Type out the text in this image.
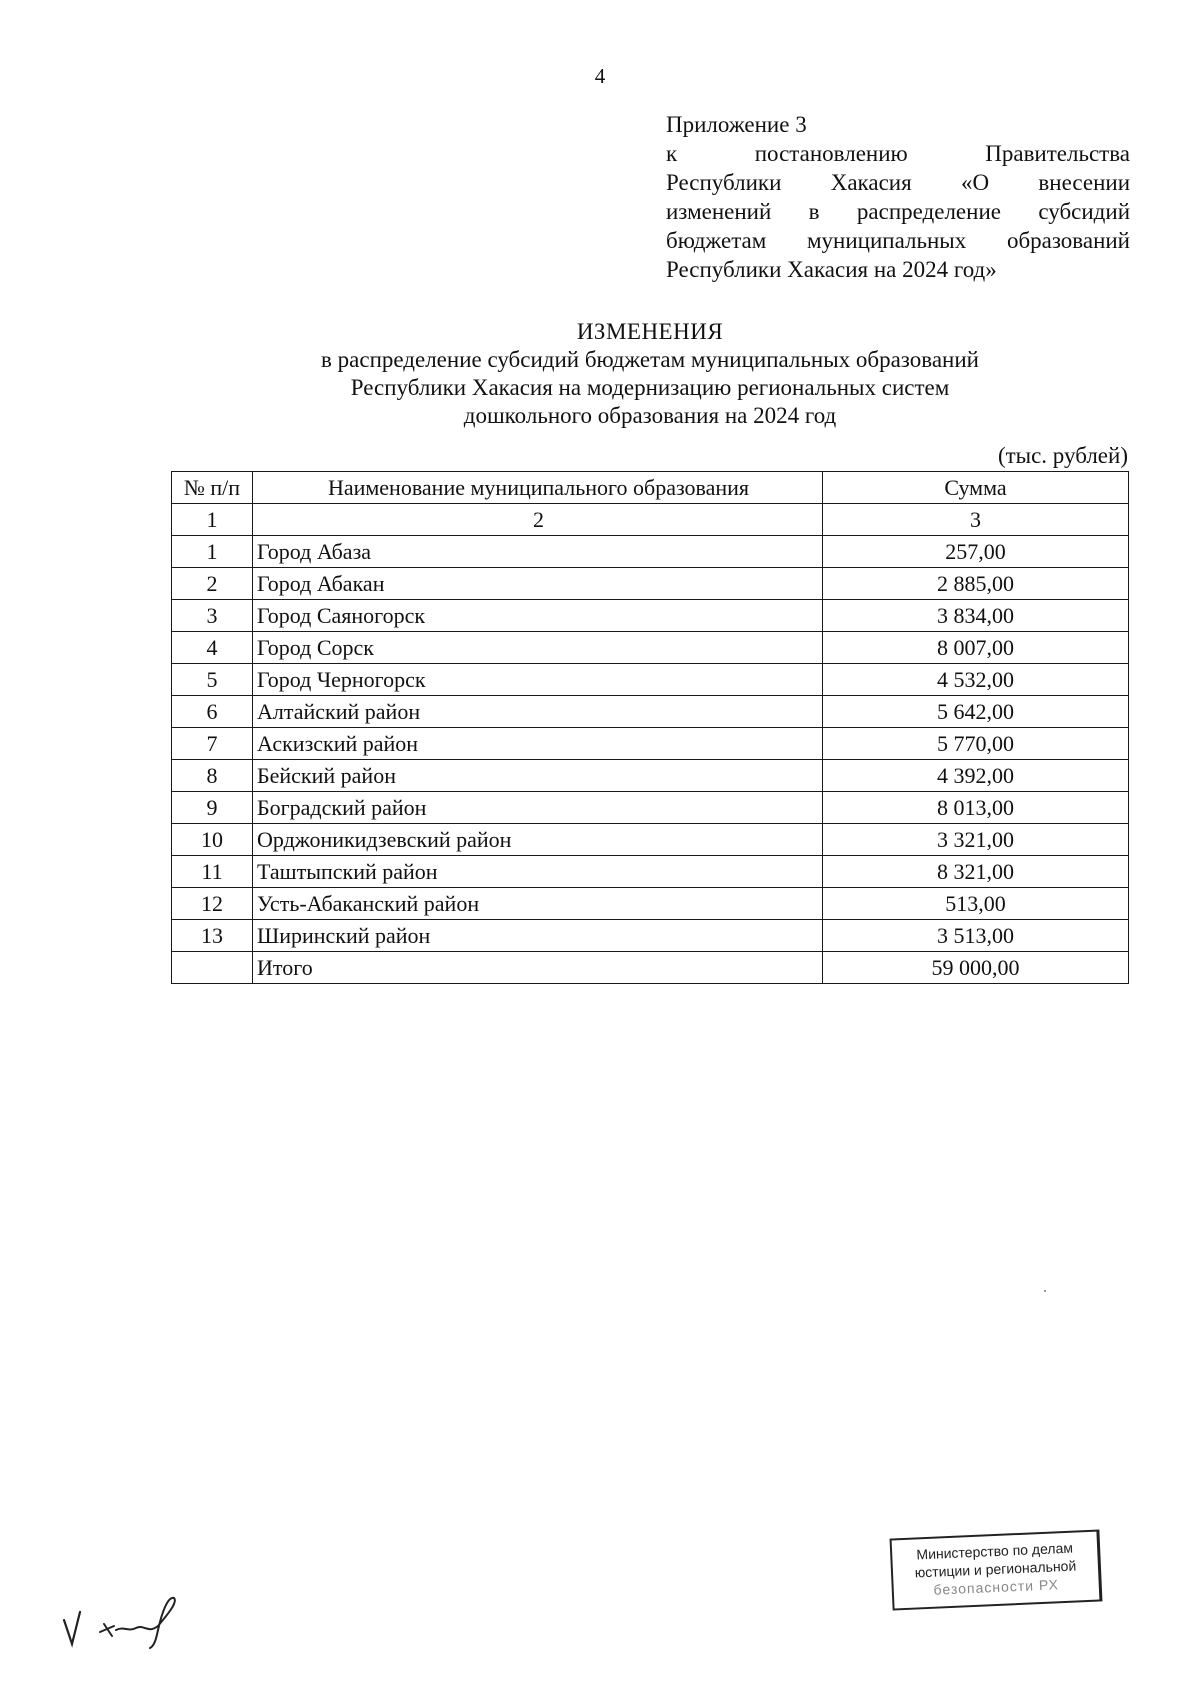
4
Приложение 3
к постановлению Правительства
Республики Хакасия «О внесении
изменений в распределение субсидий
бюджетам муниципальных образований
Республики Хакасия на 2024 год»
ИЗМЕНЕНИЯ
в распределение субсидий бюджетам муниципальных образований
Республики Хакасия на модернизацию региональных систем
дошкольного образования на 2024 год
(тыс. рублей)
№ п/п	Наименование муниципального образования	Сумма
1	2	3
1	Город Абаза	257,00
2	Город Абакан	2 885,00
3	Город Саяногорск	3 834,00
4	Город Сорск	8 007,00
5	Город Черногорск	4 532,00
6	Алтайский район	5 642,00
7	Аскизский район	5 770,00
8	Бейский район	4 392,00
9	Боградский район	8 013,00
10	Орджоникидзевский район	3 321,00
11	Таштыпский район	8 321,00
12	Усть-Абаканский район	513,00
13	Ширинский район	3 513,00
	Итого	59 000,00
Министерство по делам
юстиции и региональной
безопасности РХ
